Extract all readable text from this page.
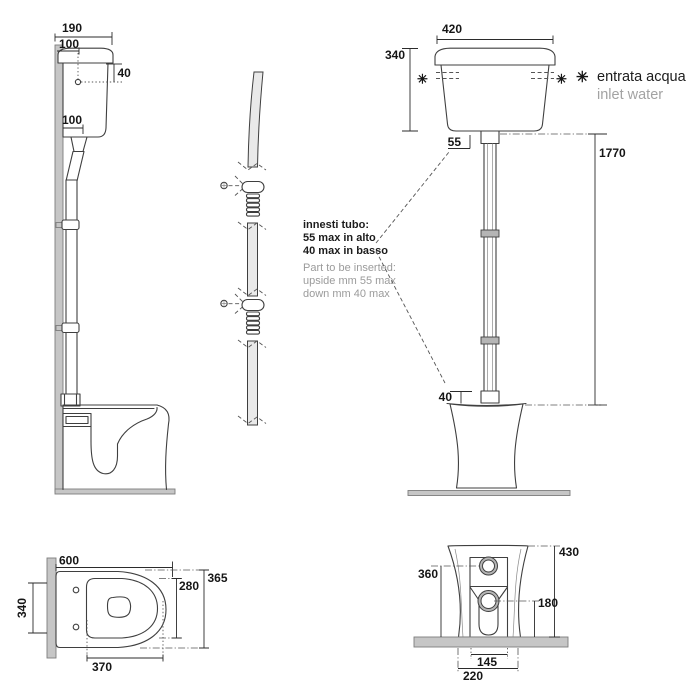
190
100
40
100
innesti tubo:
55 max in alto
40 max in basso
Part to be inserted:
upside mm 55 max
down mm 40 max
✳	✳ ✳ entrata acqua
inlet water
420
340
55
1770
40
600
365
280
340
370
430
360
180
145
220
